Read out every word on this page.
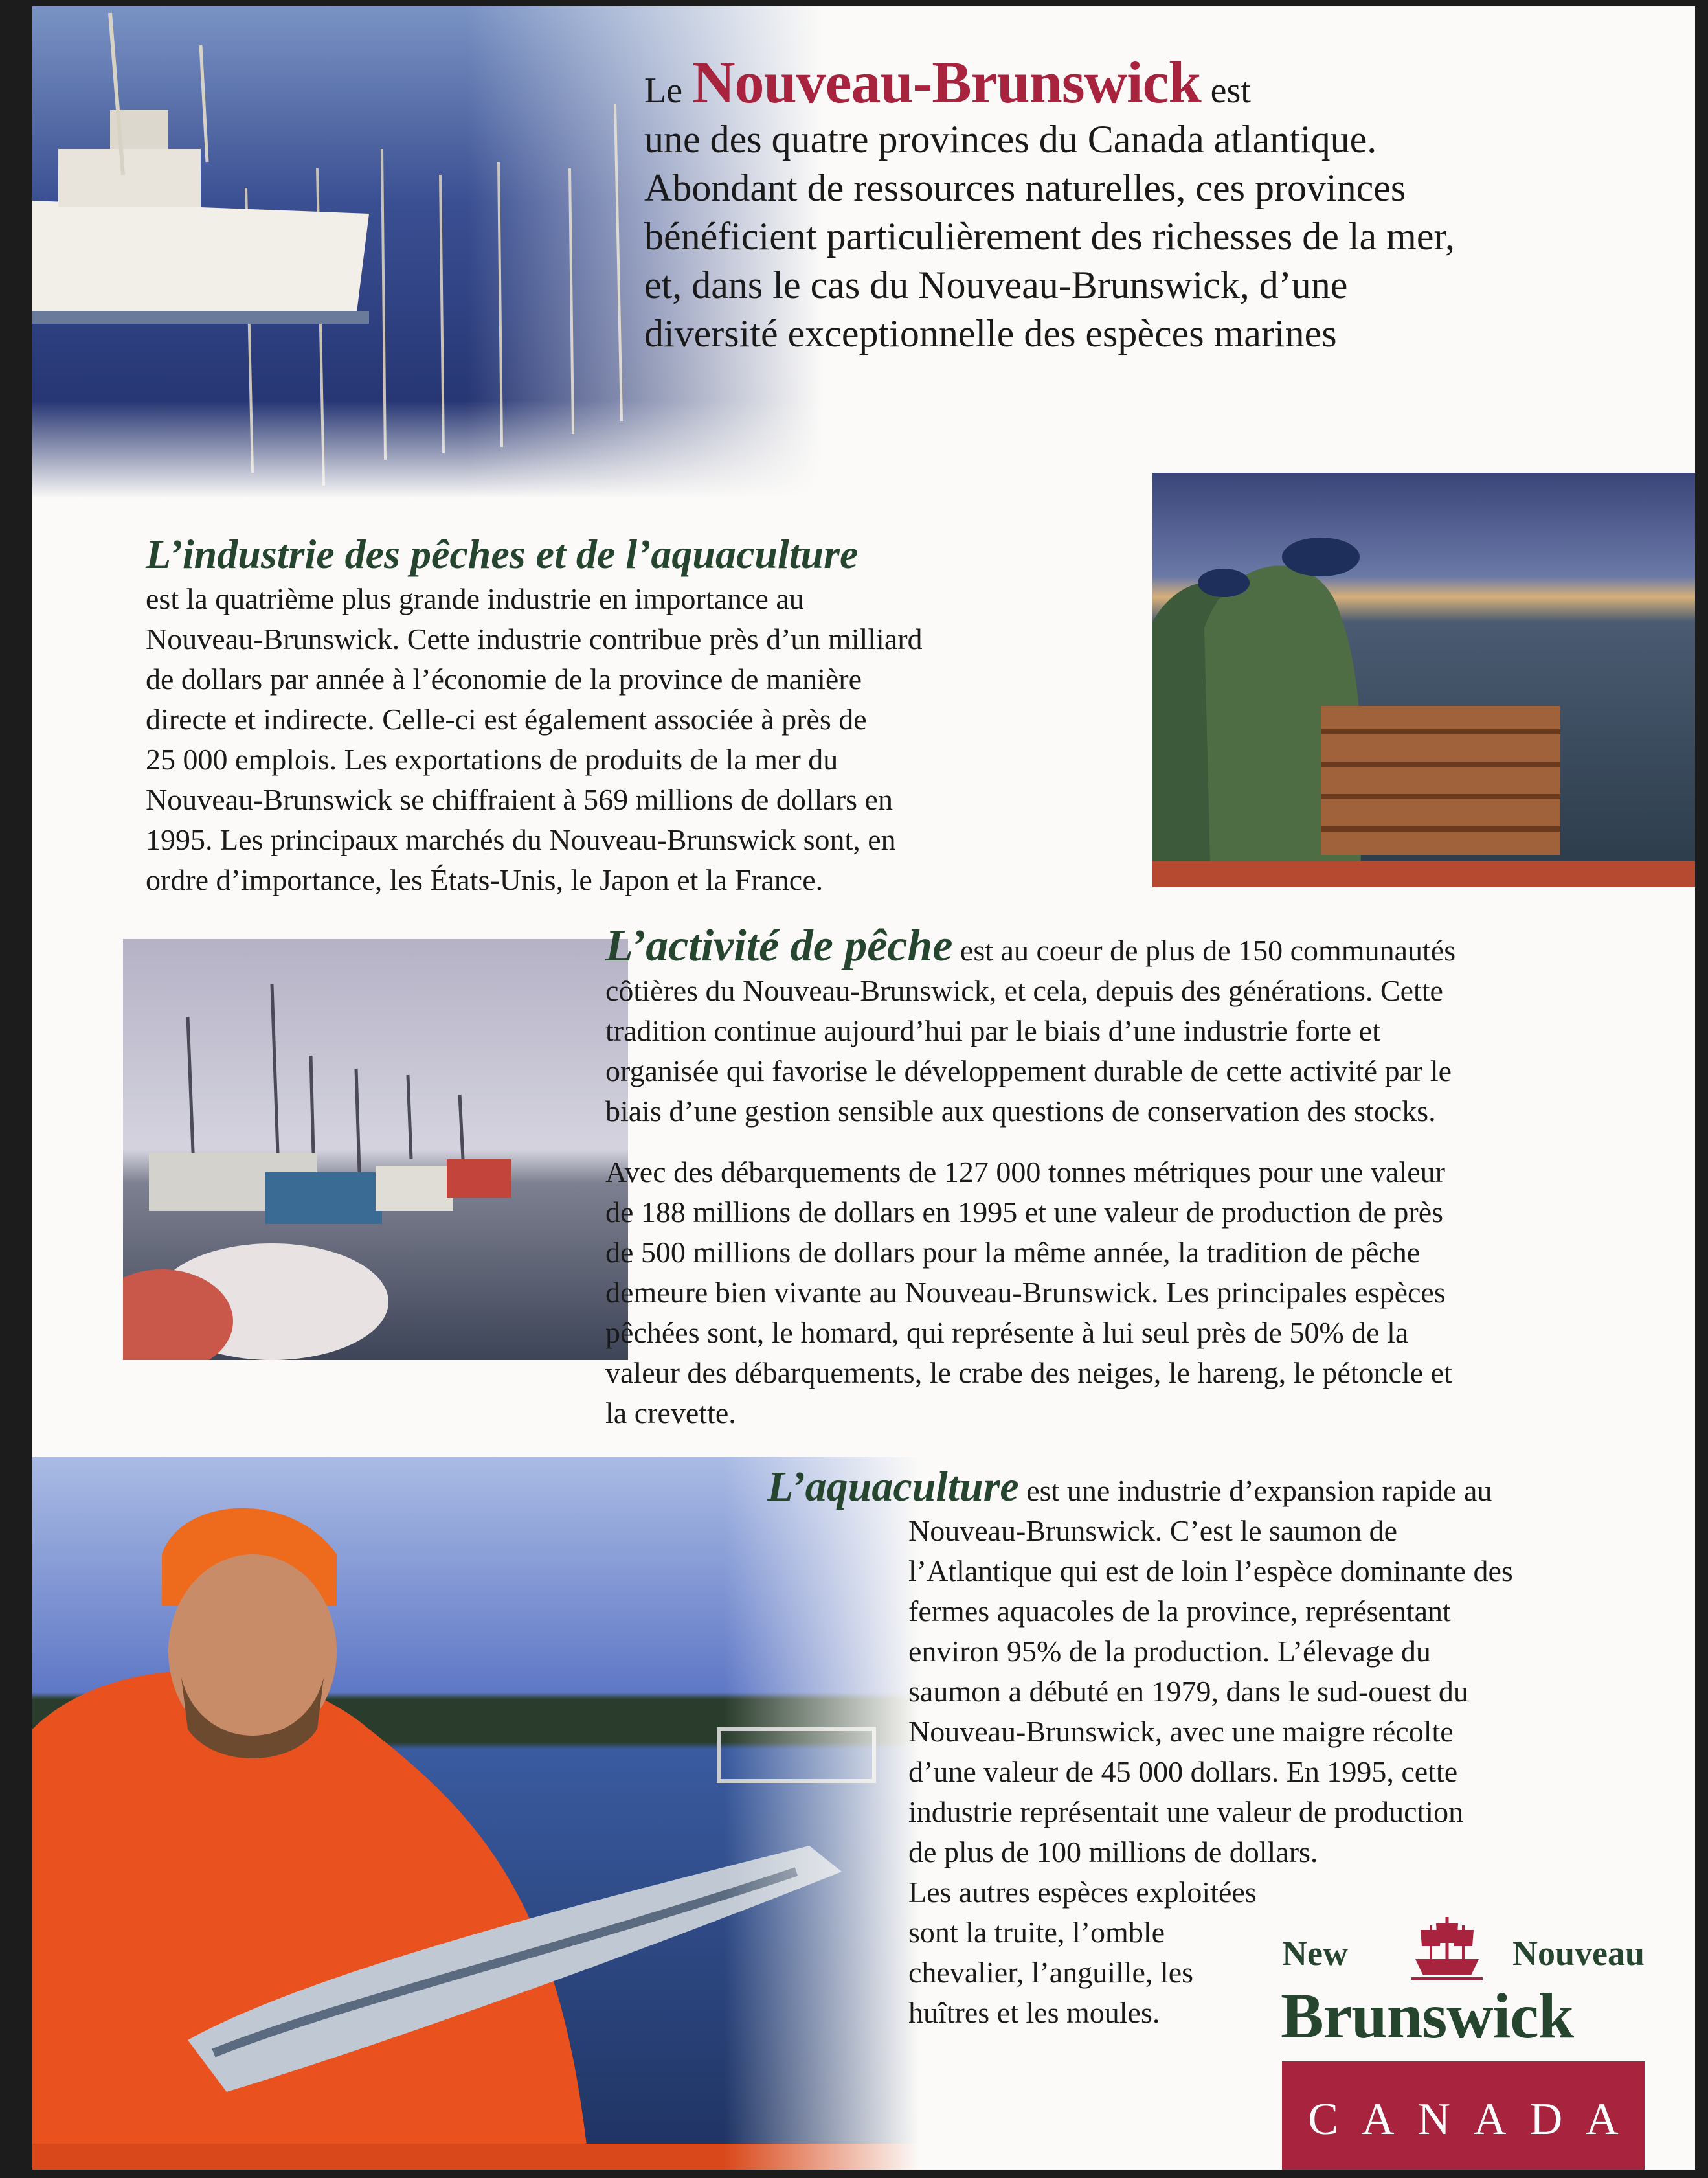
Le Nouveau-Brunswick est
une des quatre provinces du Canada atlantique.
Abondant de ressources naturelles, ces provinces
bénéficient particulièrement des richesses de la mer,
et, dans le cas du Nouveau-Brunswick, d’une
diversité exceptionnelle des espèces marines
L’industrie des pêches et de l’aquaculture
est la quatrième plus grande industrie en importance au
Nouveau-Brunswick. Cette industrie contribue près d’un milliard
de dollars par année à l’économie de la province de manière
directe et indirecte. Celle-ci est également associée à près de
25 000 emplois. Les exportations de produits de la mer du
Nouveau-Brunswick se chiffraient à 569 millions de dollars en
1995. Les principaux marchés du Nouveau-Brunswick sont, en
ordre d’importance, les États-Unis, le Japon et la France.
L’activité de pêche est au coeur de plus de 150 communautés
côtières du Nouveau-Brunswick, et cela, depuis des générations. Cette
tradition continue aujourd’hui par le biais d’une industrie forte et
organisée qui favorise le développement durable de cette activité par le
biais d’une gestion sensible aux questions de conservation des stocks.
Avec des débarquements de 127 000 tonnes métriques pour une valeur
de 188 millions de dollars en 1995 et une valeur de production de près
de 500 millions de dollars pour la même année, la tradition de pêche
demeure bien vivante au Nouveau-Brunswick. Les principales espèces
pêchées sont, le homard, qui représente à lui seul près de 50% de la
valeur des débarquements, le crabe des neiges, le hareng, le pétoncle et
la crevette.
L’aquaculture est une industrie d’expansion rapide au
Nouveau-Brunswick. C’est le saumon de
l’Atlantique qui est de loin l’espèce dominante des
fermes aquacoles de la province, représentant
environ 95% de la production. L’élevage du
saumon a débuté en 1979, dans le sud-ouest du
Nouveau-Brunswick, avec une maigre récolte
d’une valeur de 45 000 dollars. En 1995, cette
industrie représentait une valeur de production
de plus de 100 millions de dollars.
Les autres espèces exploitées
sont la truite, l’omble
chevalier, l’anguille, les
huîtres et les moules.
New	Nouveau
Brunswick
CANADA
